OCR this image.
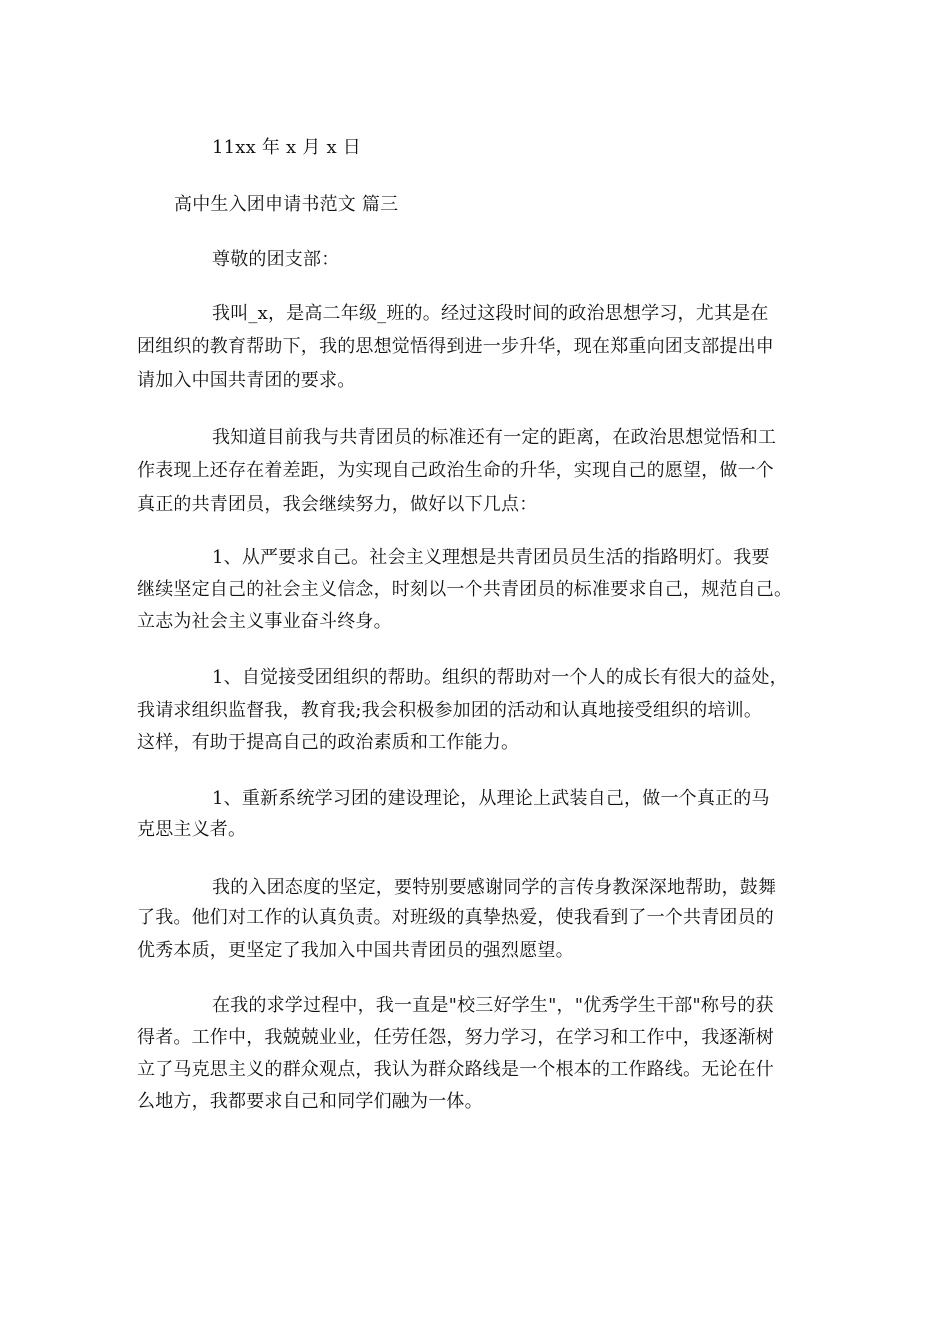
11xx 年 x 月 x 日
高中生入团申请书范文 篇三
尊敬的团支部：
我叫_x，是高二年级_班的。经过这段时间的政治思想学习，尤其是在
团组织的教育帮助下，我的思想觉悟得到进一步升华，现在郑重向团支部提出申
请加入中国共青团的要求。
我知道目前我与共青团员的标准还有一定的距离，在政治思想觉悟和工
作表现上还存在着差距，为实现自己政治生命的升华，实现自己的愿望，做一个
真正的共青团员，我会继续努力，做好以下几点：
1、从严要求自己。社会主义理想是共青团员员生活的指路明灯。我要
继续坚定自己的社会主义信念，时刻以一个共青团员的标准要求自己，规范自己。
立志为社会主义事业奋斗终身。
1、自觉接受团组织的帮助。组织的帮助对一个人的成长有很大的益处，
我请求组织监督我，教育我;我会积极参加团的活动和认真地接受组织的培训。
这样，有助于提高自己的政治素质和工作能力。
1、重新系统学习团的建设理论，从理论上武装自己，做一个真正的马
克思主义者。
我的入团态度的坚定，要特别要感谢同学的言传身教深深地帮助，鼓舞
了我。他们对工作的认真负责。对班级的真挚热爱，使我看到了一个共青团员的
优秀本质，更坚定了我加入中国共青团员的强烈愿望。
在我的求学过程中，我一直是"校三好学生"，"优秀学生干部"称号的获
得者。工作中，我兢兢业业，任劳任怨，努力学习，在学习和工作中，我逐渐树
立了马克思主义的群众观点，我认为群众路线是一个根本的工作路线。无论在什
么地方，我都要求自己和同学们融为一体。
